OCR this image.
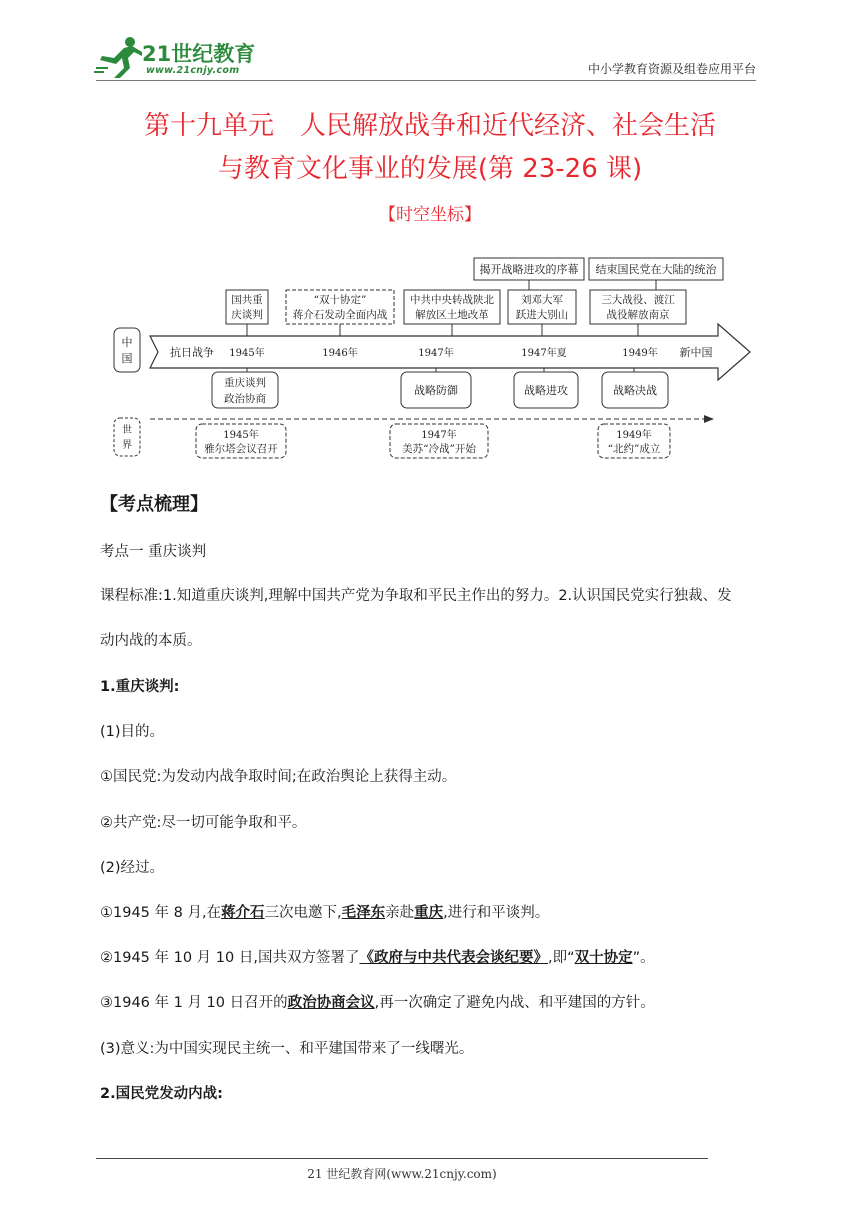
21世纪教育
www.21cnjy.com	中小学教育资源及组卷应用平台
第十九单元　人民解放战争和近代经济、社会生活
与教育文化事业的发展(第 23-26 课)
【时空坐标】
揭开战略进攻的序幕 结束国民党在大陆的统治
国共重
庆谈判
“双十协定”
蒋介石发动全面内战
中共中央转战陕北
解放区土地改革
刘邓大军
跃进大别山
三大战役、渡江
战役解放南京
中
国	抗日战争 1945年	1946年	1947年	1947年夏	1949年 新中国
重庆谈判
政治协商
战略防御	战略进攻	战略决战
世
界
1945年
雅尔塔会议召开
1947年
美苏“冷战”开始
1949年
“北约”成立
【考点梳理】
考点一 重庆谈判
课程标准:1.知道重庆谈判,理解中国共产党为争取和平民主作出的努力。2.认识国民党实行独裁、发
动内战的本质。
1.重庆谈判:
(1)目的。
①国民党:为发动内战争取时间;在政治舆论上获得主动。
②共产党:尽一切可能争取和平。
(2)经过。
①1945 年 8 月,在蒋介石三次电邀下,毛泽东亲赴重庆,进行和平谈判。
②1945 年 10 月 10 日,国共双方签署了《政府与中共代表会谈纪要》,即“双十协定”。
③1946 年 1 月 10 日召开的政治协商会议,再一次确定了避免内战、和平建国的方针。
(3)意义:为中国实现民主统一、和平建国带来了一线曙光。
2.国民党发动内战:
21 世纪教育网(www.21cnjy.com)
